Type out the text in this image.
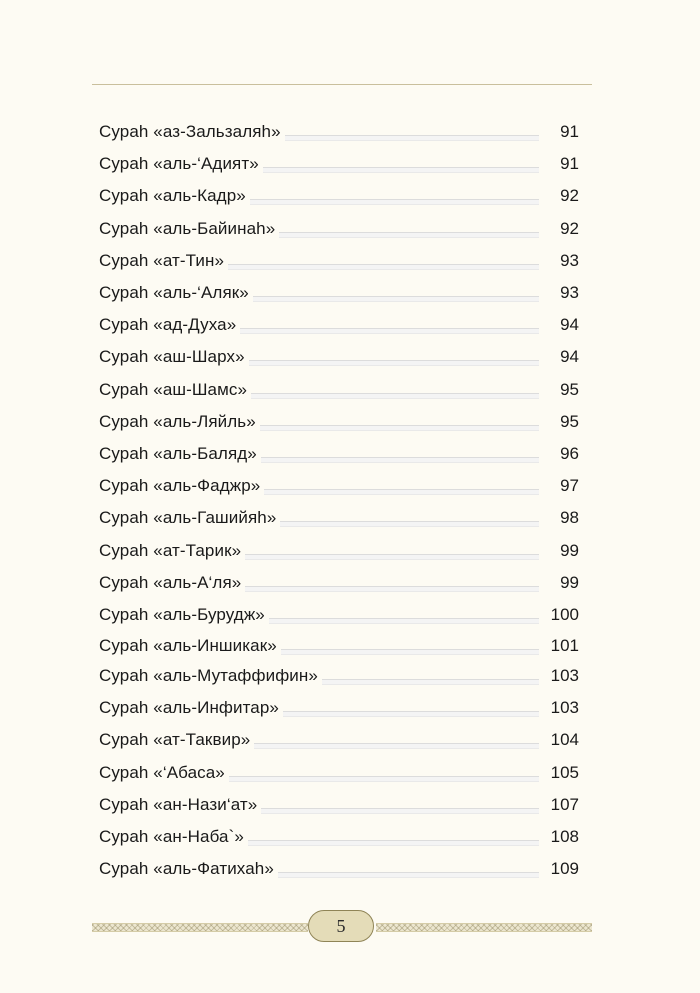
Сурah «аз-Зальзаляh»	91
Сурah «аль-‘Адият»	91
Сурah «аль-Кадр»	92
Сурah «аль-Байинаh»	92
Сурah «ат-Тин»	93
Сурah «аль-‘Аляк»	93
Сурah «ад-Духа»	94
Сурah «аш-Шарх»	94
Сурah «аш-Шамс»	95
Сурah «аль-Ляйль»	95
Сурah «аль-Баляд»	96
Сурah «аль-Фаджр»	97
Сурah «аль-Гашийяh»	98
Сурah «ат-Тарик»	99
Сурah «аль-А‘ля»	99
Сурah «аль-Бурудж»	100
Сурah «аль-Иншикак»	101
Сурah «аль-Мутаффифин»	103
Сурah «аль-Инфитар»	103
Сурah «ат-Таквир»	104
Сурah «‘Абаса»	105
Сурah «ан-Нази‘ат»	107
Сурah «ан-Наба`»	108
Сурah «аль-Фатихаh»	109
5
